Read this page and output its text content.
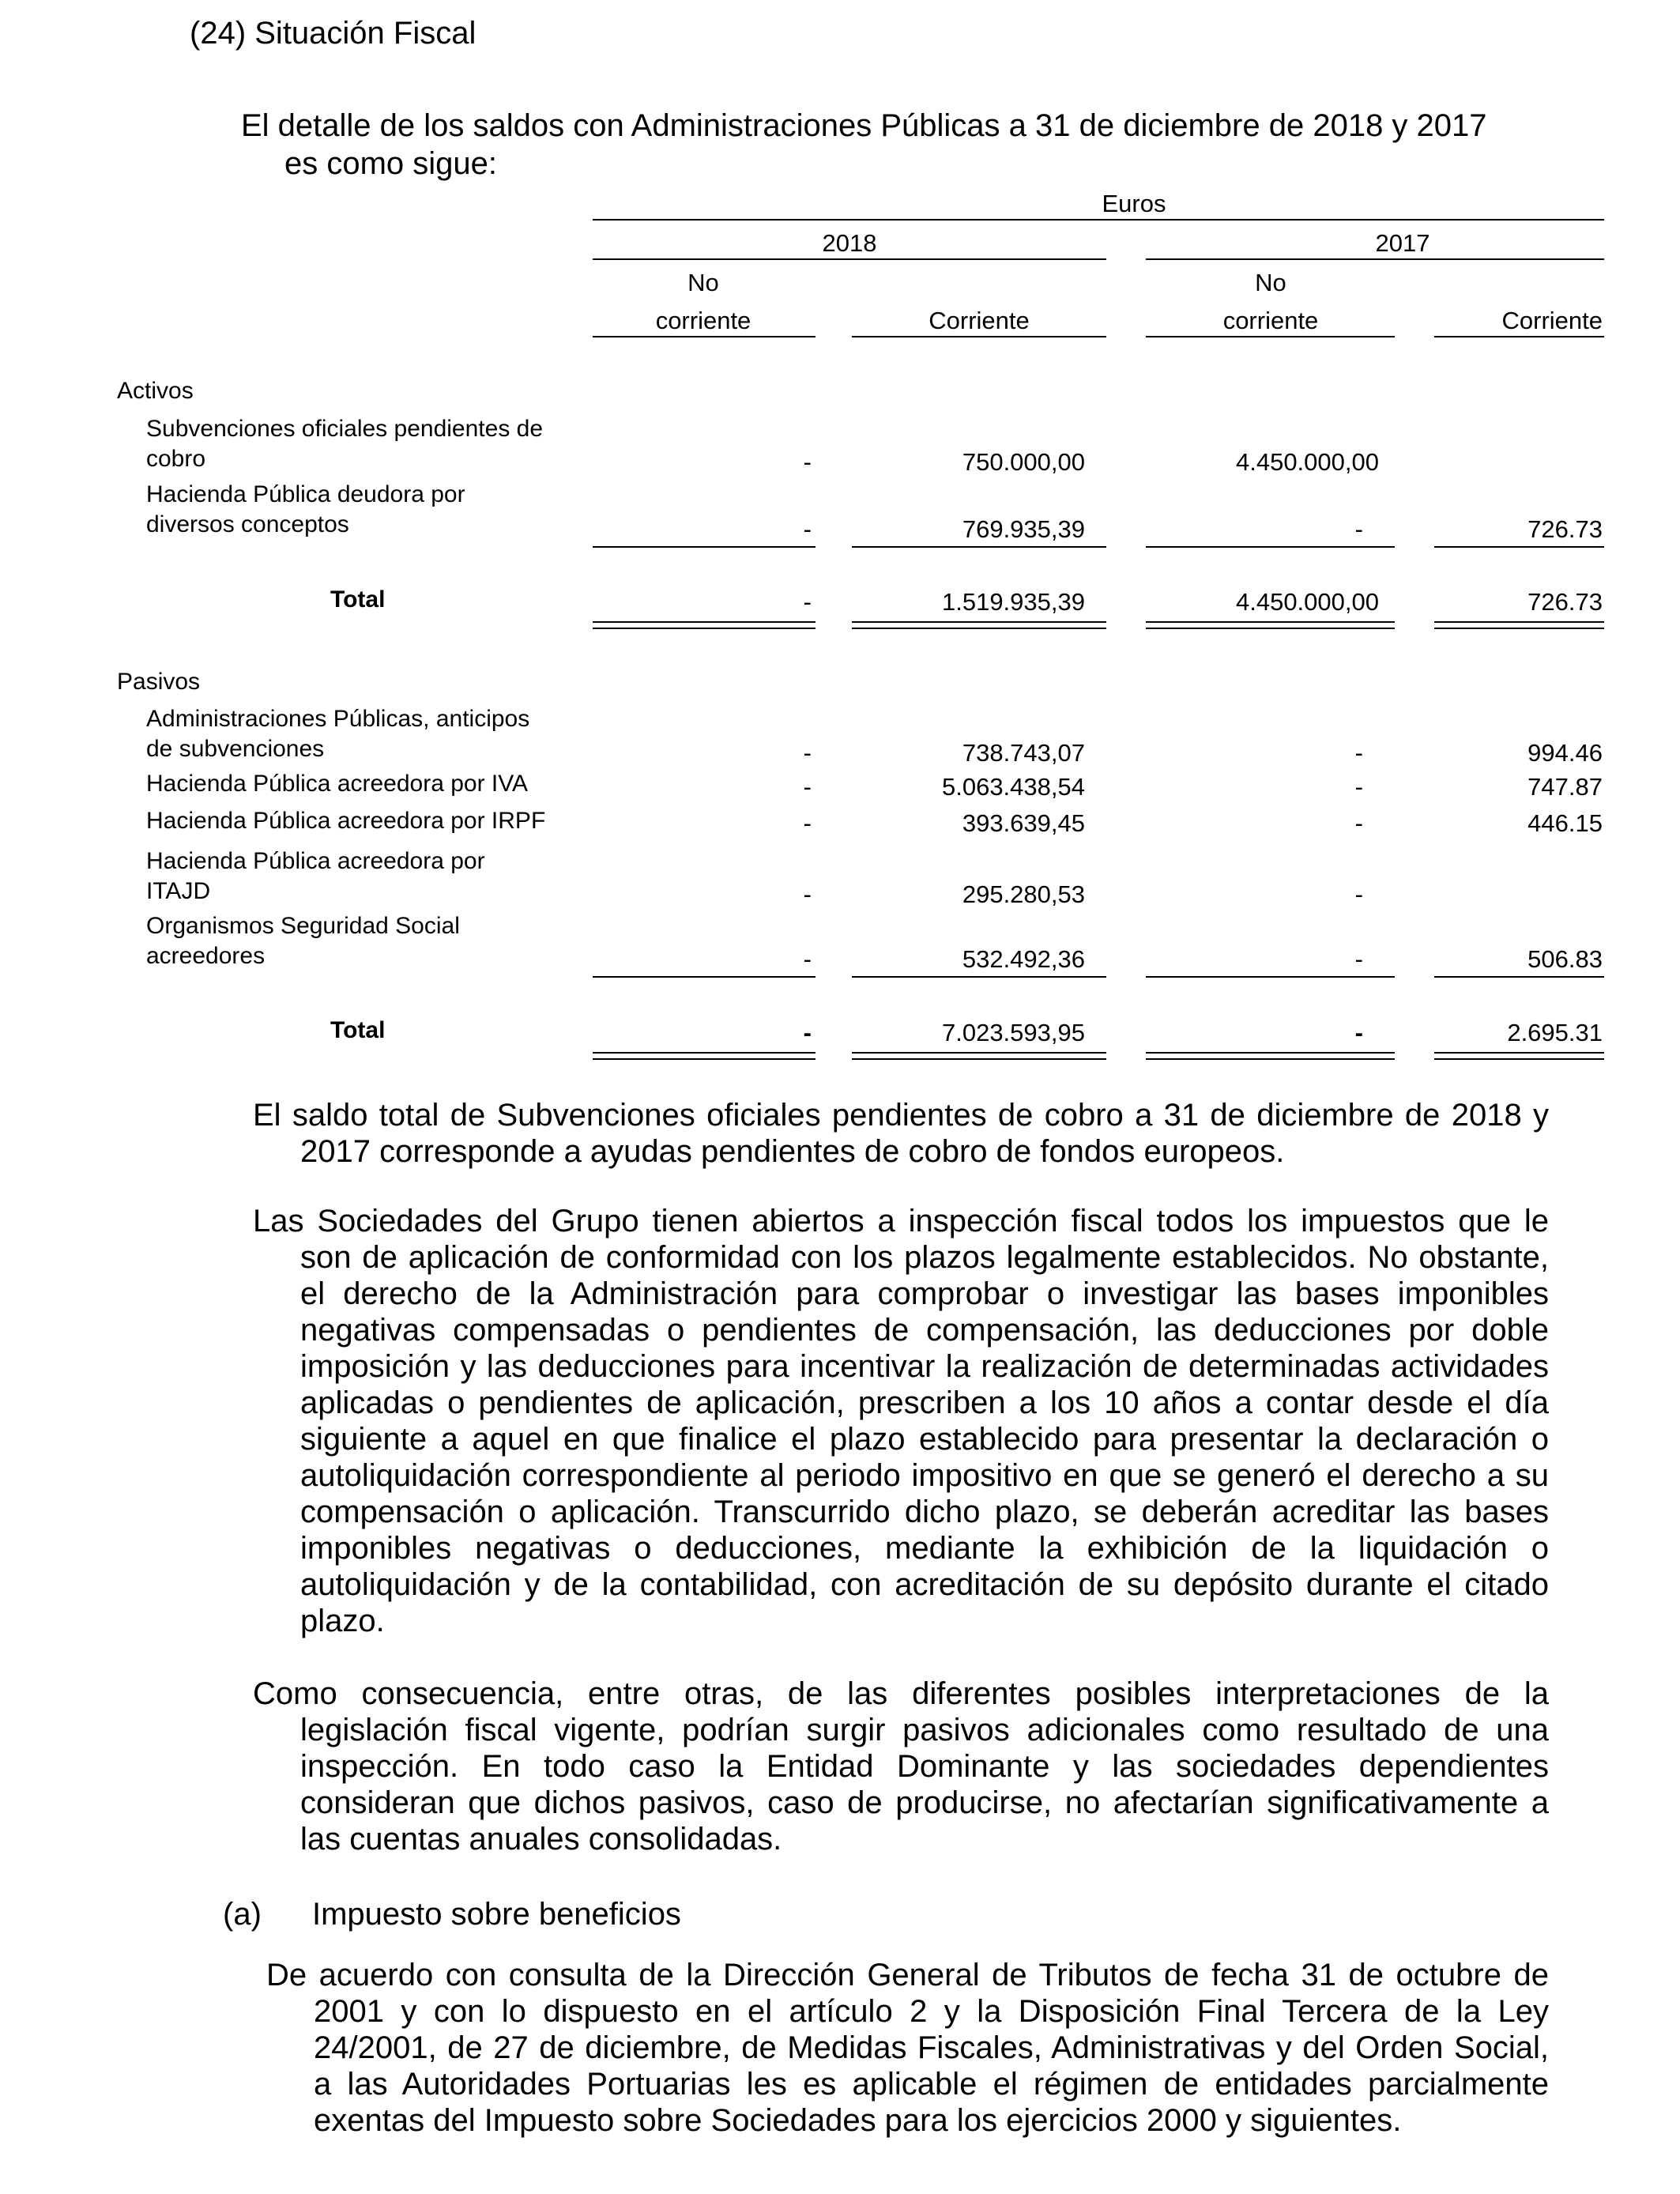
(24) Situación Fiscal
El detalle de los saldos con Administraciones Públicas a 31 de diciembre de 2018 y 2017
es como sigue:
Euros
2018	2017
No	No
corriente	Corriente	corriente	Corriente
Activos
Subvenciones oficiales pendientes de
cobro	-	750.000,00	4.450.000,00
Hacienda Pública deudora por
diversos conceptos	-	769.935,39	-	726.73
Total	-	1.519.935,39	4.450.000,00	726.73
Pasivos
Administraciones Públicas, anticipos
de subvenciones	-	738.743,07	-	994.46
Hacienda Pública acreedora por IVA	-	5.063.438,54	-	747.87
Hacienda Pública acreedora por IRPF	-	393.639,45	-	446.15
Hacienda Pública acreedora por
ITAJD	-	295.280,53	-
Organismos Seguridad Social
acreedores	-	532.492,36	-	506.83
Total	-	7.023.593,95	-	2.695.31
El saldo total de Subvenciones oficiales pendientes de cobro a 31 de diciembre de 2018 y 2017 corresponde a ayudas pendientes de cobro de fondos europeos.
Las Sociedades del Grupo tienen abiertos a inspección fiscal todos los impuestos que le son de aplicación de conformidad con los plazos legalmente establecidos. No obstante, el derecho de la Administración para comprobar o investigar las bases imponibles negativas compensadas o pendientes de compensación, las deducciones por doble imposición y las deducciones para incentivar la realización de determinadas actividades aplicadas o pendientes de aplicación, prescriben a los 10 años a contar desde el día siguiente a aquel en que finalice el plazo establecido para presentar la declaración o autoliquidación correspondiente al periodo impositivo en que se generó el derecho a su compensación o aplicación. Transcurrido dicho plazo, se deberán acreditar las bases imponibles negativas o deducciones, mediante la exhibición de la liquidación o autoliquidación y de la contabilidad, con acreditación de su depósito durante el citado plazo.
Como consecuencia, entre otras, de las diferentes posibles interpretaciones de la legislación fiscal vigente, podrían surgir pasivos adicionales como resultado de una inspección. En todo caso la Entidad Dominante y las sociedades dependientes consideran que dichos pasivos, caso de producirse, no afectarían significativamente a las cuentas anuales consolidadas.
(a) Impuesto sobre beneficios
De acuerdo con consulta de la Dirección General de Tributos de fecha 31 de octubre de 2001 y con lo dispuesto en el artículo 2 y la Disposición Final Tercera de la Ley 24/2001, de 27 de diciembre, de Medidas Fiscales, Administrativas y del Orden Social, a las Autoridades Portuarias les es aplicable el régimen de entidades parcialmente exentas del Impuesto sobre Sociedades para los ejercicios 2000 y siguientes.
